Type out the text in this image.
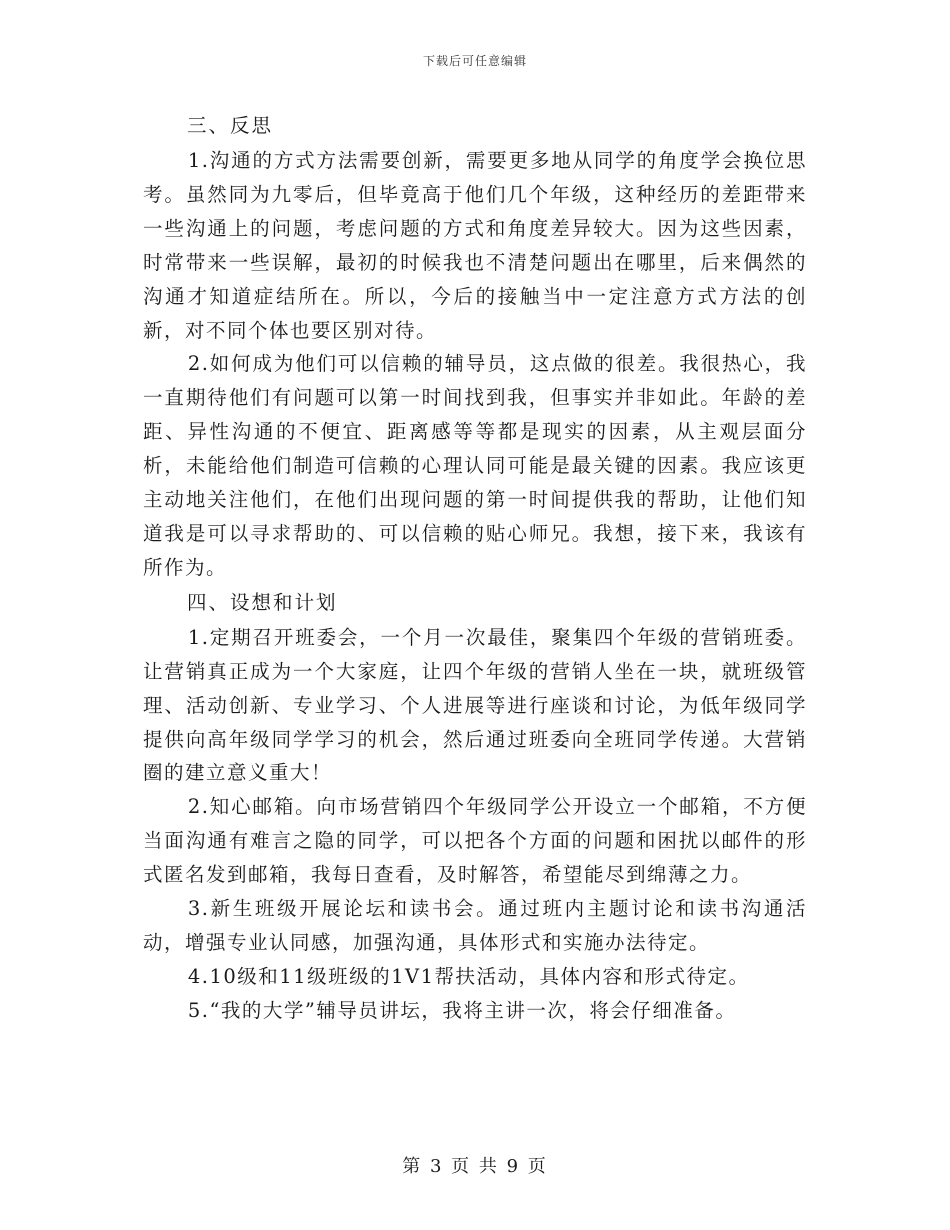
下载后可任意编辑

三、反思

1.沟通的方式方法需要创新，需要更多地从同学的角度学会换位思考。虽然同为九零后，但毕竟高于他们几个年级，这种经历的差距带来一些沟通上的问题，考虑问题的方式和角度差异较大。因为这些因素，时常带来一些误解，最初的时候我也不清楚问题出在哪里，后来偶然的沟通才知道症结所在。所以，今后的接触当中一定注意方式方法的创新，对不同个体也要区别对待。

2.如何成为他们可以信赖的辅导员，这点做的很差。我很热心，我一直期待他们有问题可以第一时间找到我，但事实并非如此。年龄的差距、异性沟通的不便宜、距离感等等都是现实的因素，从主观层面分析，未能给他们制造可信赖的心理认同可能是最关键的因素。我应该更主动地关注他们，在他们出现问题的第一时间提供我的帮助，让他们知道我是可以寻求帮助的、可以信赖的贴心师兄。我想，接下来，我该有所作为。

四、设想和计划

1.定期召开班委会，一个月一次最佳，聚集四个年级的营销班委。让营销真正成为一个大家庭，让四个年级的营销人坐在一块，就班级管理、活动创新、专业学习、个人进展等进行座谈和讨论，为低年级同学提供向高年级同学学习的机会，然后通过班委向全班同学传递。大营销圈的建立意义重大！

2.知心邮箱。向市场营销四个年级同学公开设立一个邮箱，不方便当面沟通有难言之隐的同学，可以把各个方面的问题和困扰以邮件的形式匿名发到邮箱，我每日查看，及时解答，希望能尽到绵薄之力。

3.新生班级开展论坛和读书会。通过班内主题讨论和读书沟通活动，增强专业认同感，加强沟通，具体形式和实施办法待定。

4.10级和11级班级的1V1帮扶活动，具体内容和形式待定。

5.“我的大学”辅导员讲坛，我将主讲一次，将会仔细准备。

第 3 页 共 9 页
